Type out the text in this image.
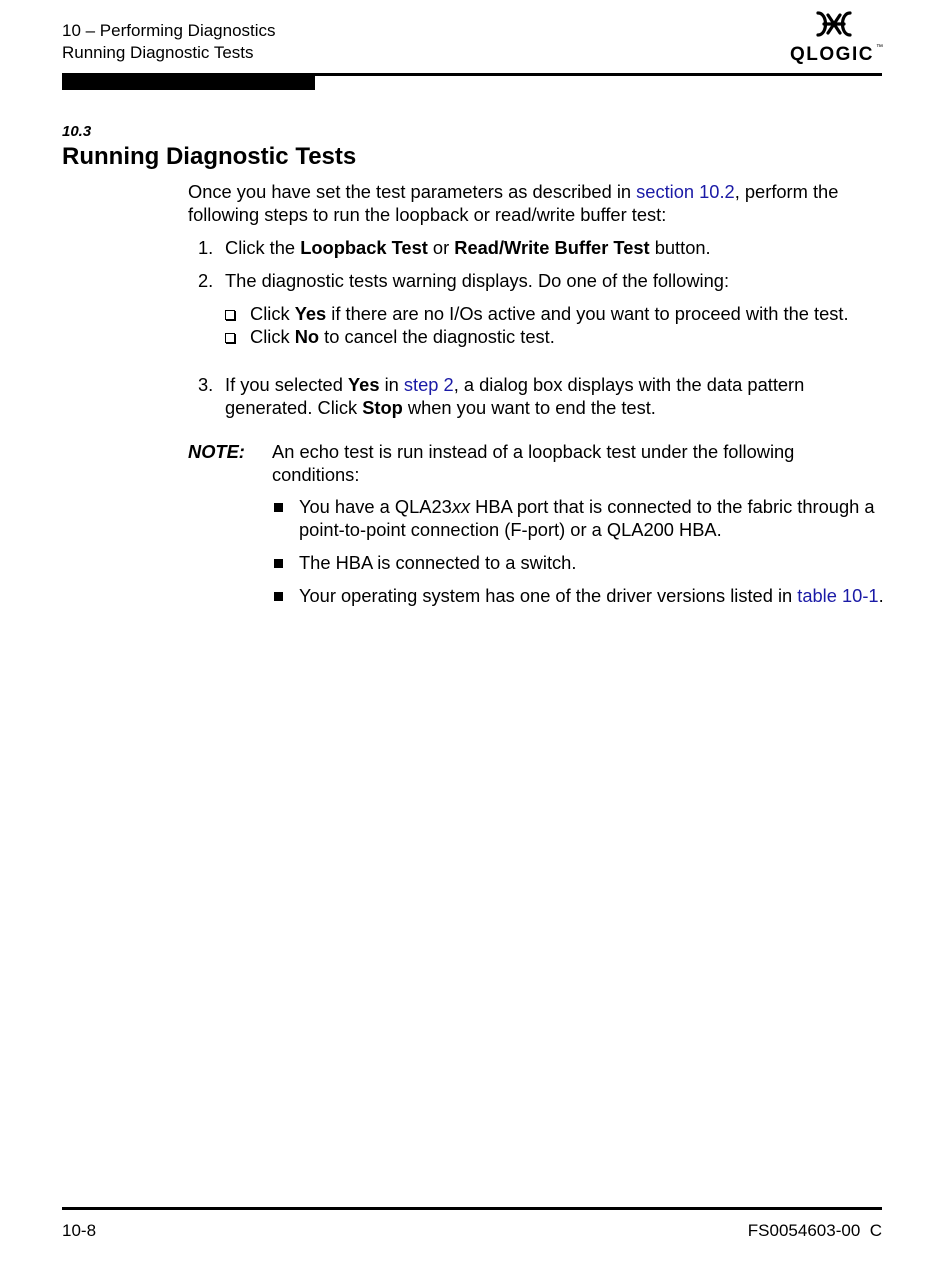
10 – Performing Diagnostics
Running Diagnostic Tests	QLOGIC ™
10.3
Running Diagnostic Tests

Once you have set the test parameters as described in section 10.2, perform the following steps to run the loopback or read/write buffer test:

1. Click the Loopback Test or Read/Write Buffer Test button.
2. The diagnostic tests warning displays. Do one of the following:
Click Yes if there are no I/Os active and you want to proceed with the test.
Click No to cancel the diagnostic test.
3. If you selected Yes in step 2, a dialog box displays with the data pattern generated. Click Stop when you want to end the test.
NOTE: An echo test is run instead of a loopback test under the following conditions:
You have a QLA23xx HBA port that is connected to the fabric through a point-to-point connection (F-port) or a QLA200 HBA.
The HBA is connected to a switch.
Your operating system has one of the driver versions listed in table 10-1.
10-8	FS0054603-00  C
